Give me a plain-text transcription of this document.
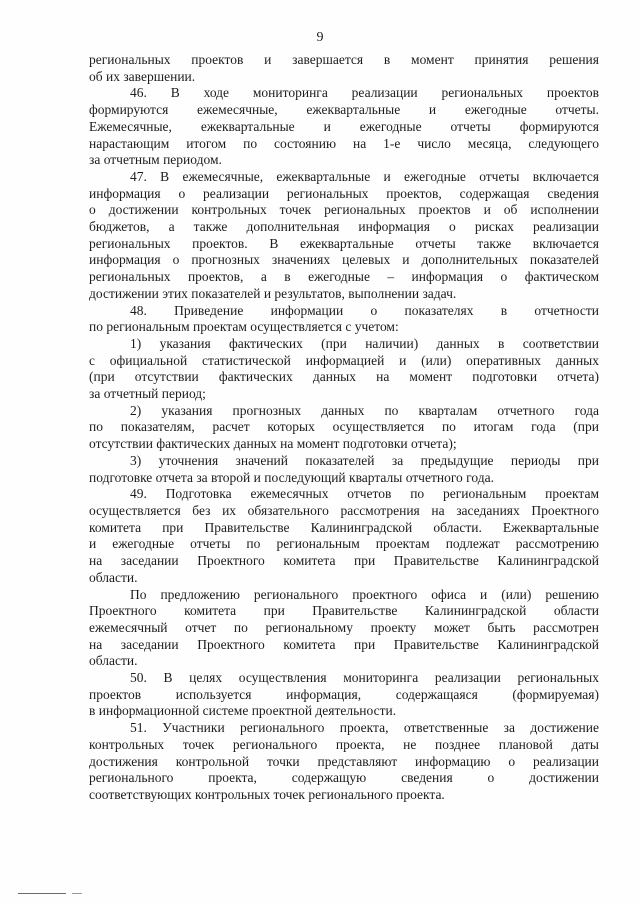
9
региональных проектов и завершается в момент принятия решения
об их завершении.
46. В ходе мониторинга реализации региональных проектов
формируются ежемесячные, ежеквартальные и ежегодные отчеты.
Ежемесячные, ежеквартальные и ежегодные отчеты формируются
нарастающим итогом по состоянию на 1-е число месяца, следующего
за отчетным периодом.
47. В ежемесячные, ежеквартальные и ежегодные отчеты включается
информация о реализации региональных проектов, содержащая сведения
о достижении контрольных точек региональных проектов и об исполнении
бюджетов, а также дополнительная информация о рисках реализации
региональных проектов. В ежеквартальные отчеты также включается
информация о прогнозных значениях целевых и дополнительных показателей
региональных проектов, а в ежегодные – информация о фактическом
достижении этих показателей и результатов, выполнении задач.
48. Приведение информации о показателях в отчетности
по региональным проектам осуществляется с учетом:
1) указания фактических (при наличии) данных в соответствии
с официальной статистической информацией и (или) оперативных данных
(при отсутствии фактических данных на момент подготовки отчета)
за отчетный период;
2) указания прогнозных данных по кварталам отчетного года
по показателям, расчет которых осуществляется по итогам года (при
отсутствии фактических данных на момент подготовки отчета);
3) уточнения значений показателей за предыдущие периоды при
подготовке отчета за второй и последующий кварталы отчетного года.
49. Подготовка ежемесячных отчетов по региональным проектам
осуществляется без их обязательного рассмотрения на заседаниях Проектного
комитета при Правительстве Калининградской области. Ежеквартальные
и ежегодные отчеты по региональным проектам подлежат рассмотрению
на заседании Проектного комитета при Правительстве Калининградской
области.
По предложению регионального проектного офиса и (или) решению
Проектного комитета при Правительстве Калининградской области
ежемесячный отчет по региональному проекту может быть рассмотрен
на заседании Проектного комитета при Правительстве Калининградской
области.
50. В целях осуществления мониторинга реализации региональных
проектов используется информация, содержащаяся (формируемая)
в информационной системе проектной деятельности.
51. Участники регионального проекта, ответственные за достижение
контрольных точек регионального проекта, не позднее плановой даты
достижения контрольной точки представляют информацию о реализации
регионального проекта, содержащую сведения о достижении
соответствующих контрольных точек регионального проекта.
